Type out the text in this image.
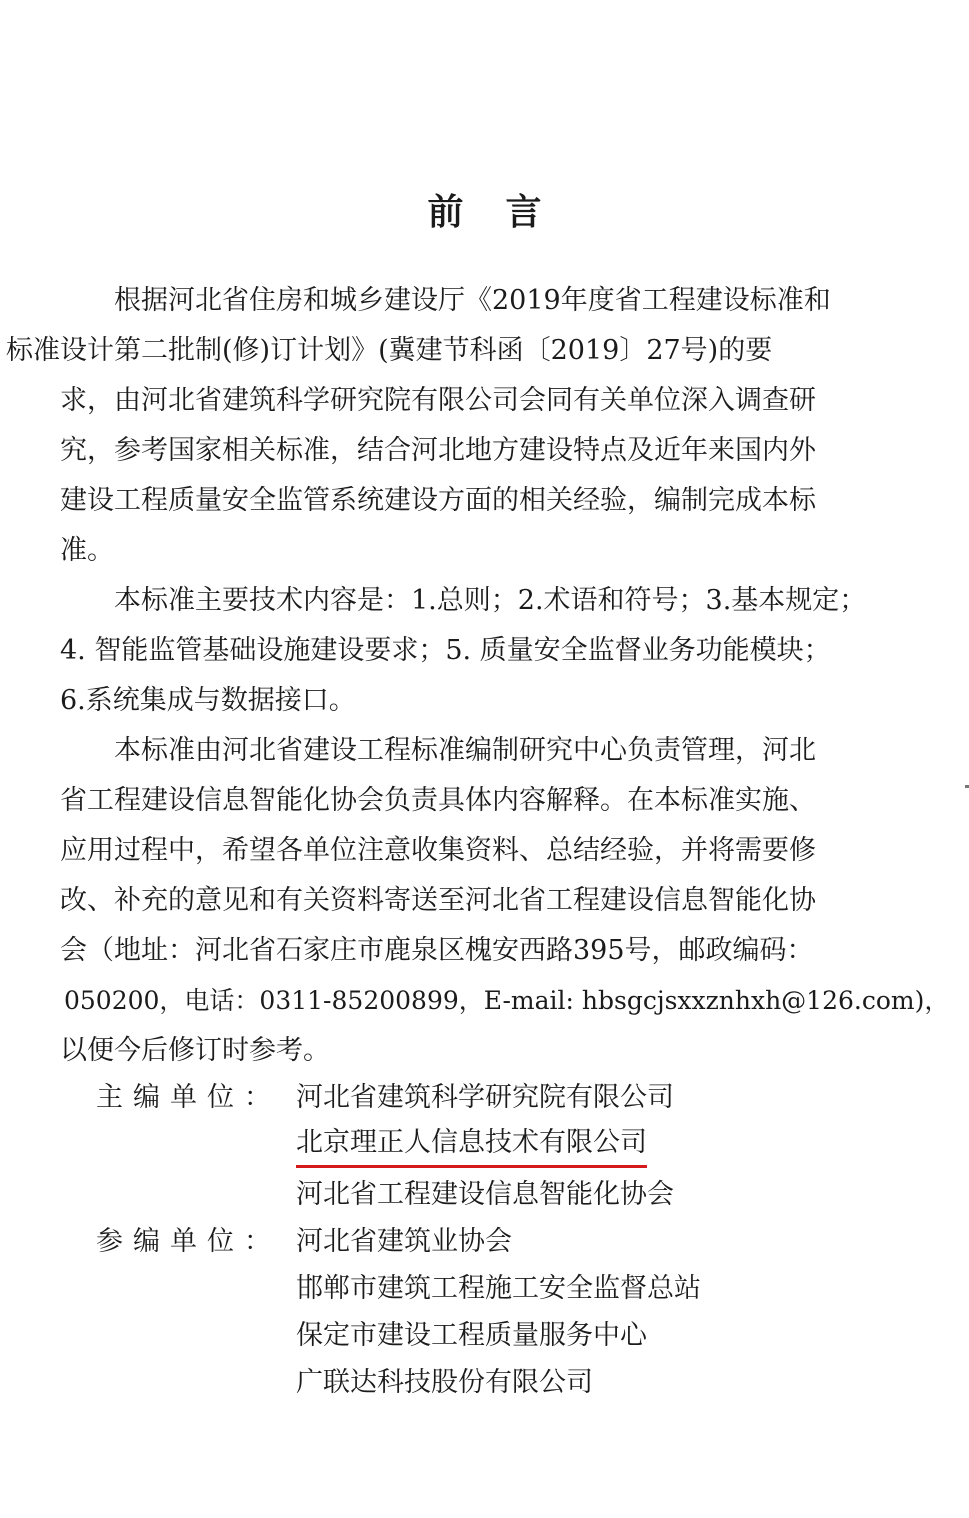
前言

根据河北省住房和城乡建设厅《2019年度省工程建设标准和
标准设计第二批制(修)订计划》(冀建节科函〔2019〕27号)的要
求，由河北省建筑科学研究院有限公司会同有关单位深入调查研
究，参考国家相关标准，结合河北地方建设特点及近年来国内外
建设工程质量安全监管系统建设方面的相关经验，编制完成本标
准。

本标准主要技术内容是：1.总则；2.术语和符号；3.基本规定；
4. 智能监管基础设施建设要求；5. 质量安全监督业务功能模块；
6.系统集成与数据接口。

本标准由河北省建设工程标准编制研究中心负责管理，河北
省工程建设信息智能化协会负责具体内容解释。在本标准实施、
应用过程中，希望各单位注意收集资料、总结经验，并将需要修
改、补充的意见和有关资料寄送至河北省工程建设信息智能化协
会（地址：河北省石家庄市鹿泉区槐安西路395号，邮政编码：
050200，电话：0311-85200899，E-mail: hbsgcjsxxznhxh@126.com)，
以便今后修订时参考。

主编单位： 河北省建筑科学研究院有限公司
北京理正人信息技术有限公司
河北省工程建设信息智能化协会
参编单位： 河北省建筑业协会
邯郸市建筑工程施工安全监督总站
保定市建设工程质量服务中心
广联达科技股份有限公司
